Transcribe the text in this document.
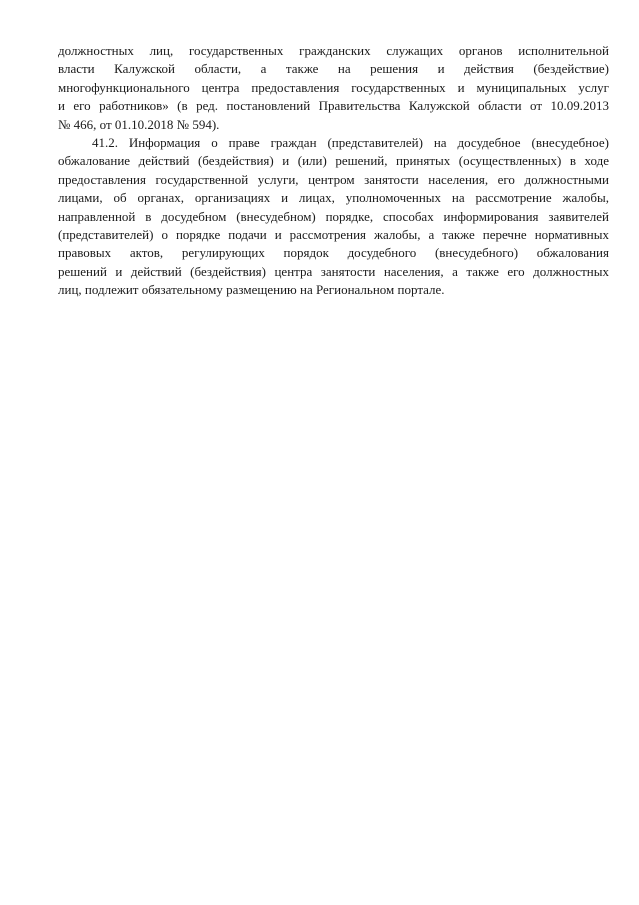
должностных лиц, государственных гражданских служащих органов исполнительной
власти Калужской области, а также на решения и действия (бездействие)
многофункционального центра предоставления государственных и муниципальных услуг
и его работников» (в ред. постановлений Правительства Калужской области от 10.09.2013
№ 466, от 01.10.2018 № 594).
41.2. Информация о праве граждан (представителей) на досудебное (внесудебное)
обжалование действий (бездействия) и (или) решений, принятых (осуществленных) в ходе
предоставления государственной услуги, центром занятости населения, его должностными
лицами, об органах, организациях и лицах, уполномоченных на рассмотрение жалобы,
направленной в досудебном (внесудебном) порядке, способах информирования заявителей
(представителей) о порядке подачи и рассмотрения жалобы, а также перечне нормативных
правовых актов, регулирующих порядок досудебного (внесудебного) обжалования
решений и действий (бездействия) центра занятости населения, а также его должностных
лиц, подлежит обязательному размещению на Региональном портале.
